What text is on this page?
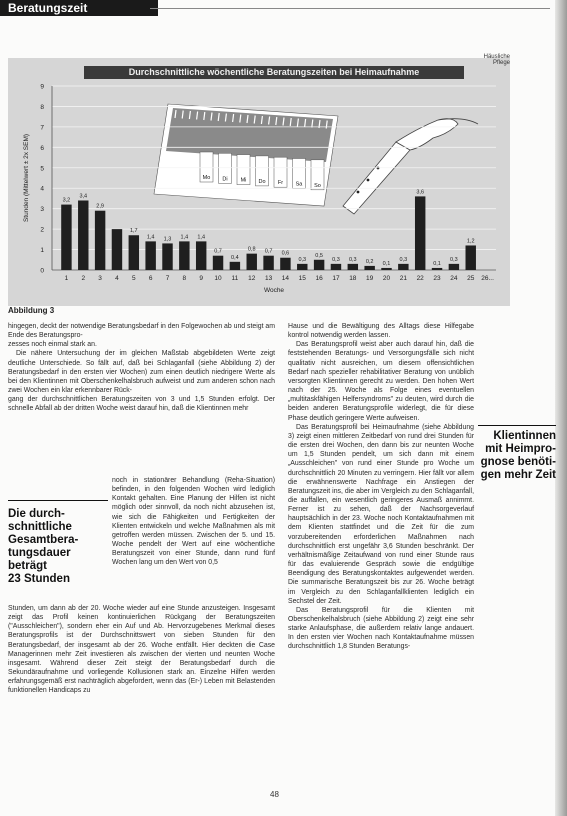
Beratungszeit
Durchschnittliche wöchentliche Beratungszeiten bei Heimaufnahme
Häusliche Pflege
Mo Di Mi Do Fr Sa So
0
1
2
3
4
5
6
7
8
9
Stunden (Mittelwert ± 2x SEM)
Woche
3,2
1
3,4
2
2,9
3 4
1,7
5
1,4
6
1,3
7
1,4
8
1,4
9
0,7
10
0,4
11
0,8
12
0,7
13
0,6
14
0,3
15
0,5
16
0,3
17
0,3
18
0,2
19
0,1
20
0,3
21
3,6
22
0,1
23
0,3
24
1,2
25 26...
Abbildung 3

hingegen, deckt der notwendige Beratungsbedarf in den Folgewochen ab und steigt am Ende des Beratungspro-

zesses noch einmal stark an.

Die nähere Untersuchung der im gleichen Maßstab abgebildeten Werte zeigt deutliche Unterschiede. So fällt auf, daß bei Schlaganfall (siehe Abbildung 2) der Beratungsbedarf in den ersten vier Wochen) zum einen deutlich niedrigere Werte als bei den Klientinnen mit Oberschenkelhalsbruch aufweist und zum anderen schon nach zwei Wochen ein klar erkennbarer Rück-

gang der durchschnittlichen Beratungszeiten von 3 und 1,5 Stunden erfolgt. Der schnelle Abfall ab der dritten Woche weist darauf hin, daß die Klientinnen mehr

noch in stationärer Behandlung (Reha-Situation) befinden, in den folgenden Wochen wird lediglich Kontakt gehalten. Eine Planung der Hilfen ist nicht möglich oder sinnvoll, da noch nicht abzusehen ist, wie sich die Fähigkeiten und Fertigkeiten der Klienten entwickeln und welche Maßnahmen als mit getroffen werden müssen. Zwischen der 5. und 15. Woche pendelt der Wert auf eine wöchentliche Beratungszeit von einer Stunde, dann rund fünf Wochen lang um den Wert von 0,5

Stunden, um dann ab der 20. Woche wieder auf eine Stunde anzusteigen. Insgesamt zeigt das Profil keinen kontinuierlichen Rückgang der Beratungszeiten ("Ausschleichen"), sondern eher ein Auf und Ab. Hervorzugebenes Merkmal dieses Beratungsprofils ist der Durchschnittswert von sieben Stunden für den Beratungsbedarf, der insgesamt ab der 26. Woche entfällt. Hier deckten die Case Managerinnen mehr Zeit investieren als zwischen der vierten und neunten Woche insgesamt. Während dieser Zeit steigt der Beratungsbedarf durch die Sekundäraufnahme und vorliegende Kollusionen stark an. Einzelne Hilfen werden erfahrungsgemäß erst nachträglich abgefordert, wenn das (Er-) Leben mit Belastenden funktionellen Handicaps zu

Die durch-
schnittliche
Gesamtbera-
tungsdauer
beträgt
23 Stunden

Hause und die Bewältigung des Alltags diese Hilfegabe kontrol notwendig werden lassen.

Das Beratungsprofil weist aber auch darauf hin, daß die feststehenden Beratungs- und Versorgungsfälle sich nicht qualitativ nicht ausreichen, um diesem offensichtlichen Bedarf nach spezieller rehabilitativer Beratung von unüblich versorgten Klientinnen gerecht zu werden. Den hohen Wert nach der 25. Woche als Folge eines eventuellen „multitaskfähigen Helfersyndroms" zu deuten, wird durch die beiden anderen Beratungsprofile widerlegt, die für diese Phase deutlich geringere Werte aufweisen.

Das Beratungsprofil bei Heimaufnahme (siehe Abbildung 3) zeigt einen mittleren Zeitbedarf von rund drei Stunden für die ersten drei Wochen, den dann bis zur neunten Woche um 1,5 Stunden pendelt, um sich dann mit einem „Ausschleichen" von rund einer Stunde pro Woche um durchschnittlich 20 Minuten zu verringern. Hier fällt vor allem die erwähnenswerte Nachfrage ein Anstiegen der Beratungszeit ins, die aber im Vergleich zu den Schlaganfall, die auffallen, ein wesentlich geringeres Ausmaß annimmt. Ferner ist zu sehen, daß der Nachsorgeverlauf hauptsächlich in der 23. Woche noch Kontaktaufnahmen mit dem Klienten stattfindet und die Zeit für die zum vorzubereitenden erforderlichen Maßnahmen nach durchschnittlich erst ungefähr 3,6 Stunden beschränkt. Der verhältnismäßige Zeitaufwand von rund einer Stunde raus für das evaluierende Gespräch sowie die endgültige Beendigung des Beratungskontaktes aufgewendet werden. Die summarische Beratungszeit bis zur 26. Woche beträgt im Vergleich zu den Schlaganfallklienten lediglich ein Sechstel der Zeit.

Das Beratungsprofil für die Klienten mit Oberschenkelhalsbruch (siehe Abbildung 2) zeigt eine sehr starke Anlaufsphase, die außerdem relativ lange andauert. In den ersten vier Wochen nach Kontaktaufnahme müssen durchschnittlich 1,8 Stunden Beratungs-

Klientinnen
mit Heimpro-
gnose benöti-
gen mehr Zeit
48
